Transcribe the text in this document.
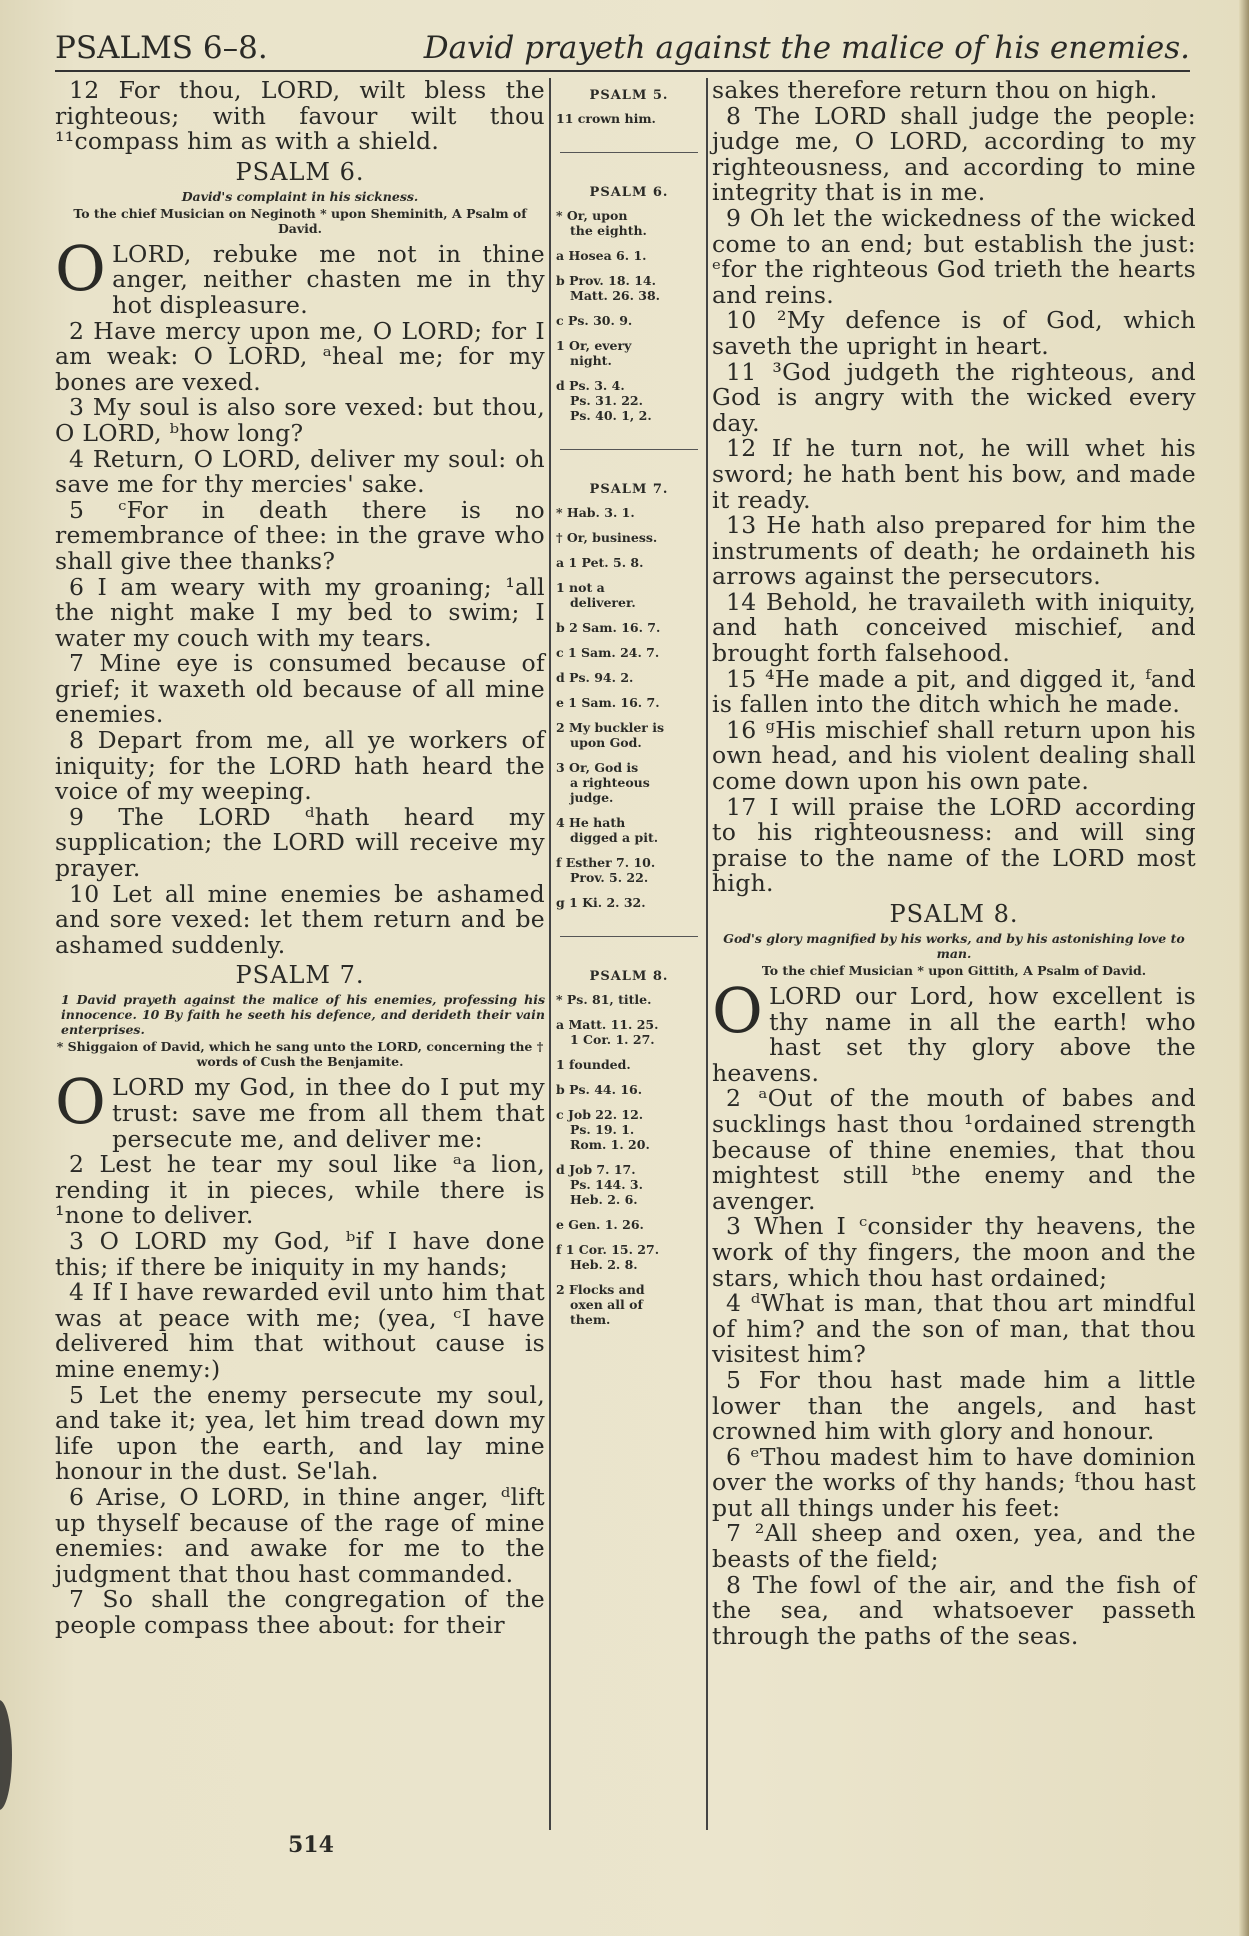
PSALMS 6–8.	David prayeth against the malice of his enemies.

12 For thou, LORD, wilt bless the righteous; with favour wilt thou ¹¹compass him as with a shield.

PSALM 6.
David's complaint in his sickness.
To the chief Musician on Neginoth * upon Sheminith, A Psalm of David.

O LORD, rebuke me not in thine anger, neither chasten me in thy hot displeasure.

2 Have mercy upon me, O LORD; for I am weak: O LORD, ᵃheal me; for my bones are vexed.

3 My soul is also sore vexed: but thou, O LORD, ᵇhow long?

4 Return, O LORD, deliver my soul: oh save me for thy mercies' sake.

5 ᶜFor in death there is no remembrance of thee: in the grave who shall give thee thanks?

6 I am weary with my groaning; ¹all the night make I my bed to swim; I water my couch with my tears.

7 Mine eye is consumed because of grief; it waxeth old because of all mine enemies.

8 Depart from me, all ye workers of iniquity; for the LORD hath heard the voice of my weeping.

9 The LORD ᵈhath heard my supplication; the LORD will receive my prayer.

10 Let all mine enemies be ashamed and sore vexed: let them return and be ashamed suddenly.

PSALM 7.
1 David prayeth against the malice of his enemies, professing his innocence. 10 By faith he seeth his defence, and derideth their vain enterprises.
* Shiggaion of David, which he sang unto the LORD, concerning the † words of Cush the Benjamite.

O LORD my God, in thee do I put my trust: save me from all them that persecute me, and deliver me:

2 Lest he tear my soul like ᵃa lion, rending it in pieces, while there is ¹none to deliver.

3 O LORD my God, ᵇif I have done this; if there be iniquity in my hands;

4 If I have rewarded evil unto him that was at peace with me; (yea, ᶜI have delivered him that without cause is mine enemy:)

5 Let the enemy persecute my soul, and take it; yea, let him tread down my life upon the earth, and lay mine honour in the dust. Se'lah.

6 Arise, O LORD, in thine anger, ᵈlift up thyself because of the rage of mine enemies: and awake for me to the judgment that thou hast commanded.

7 So shall the congregation of the people compass thee about: for their

PSALM 5.
11 crown him.
PSALM 6.
* Or, upon
the eighth.
a Hosea 6. 1.
b Prov. 18. 14.
Matt. 26. 38.
c Ps. 30. 9.
1 Or, every
night.
d Ps. 3. 4.
Ps. 31. 22.
Ps. 40. 1, 2.
PSALM 7.
* Hab. 3. 1.
† Or, business.
a 1 Pet. 5. 8.
1 not a
deliverer.
b 2 Sam. 16. 7.
c 1 Sam. 24. 7.
d Ps. 94. 2.
e 1 Sam. 16. 7.
2 My buckler is
upon God.
3 Or, God is
a righteous
judge.
4 He hath
digged a pit.
f Esther 7. 10.
Prov. 5. 22.
g 1 Ki. 2. 32.
PSALM 8.
* Ps. 81, title.
a Matt. 11. 25.
1 Cor. 1. 27.
1 founded.
b Ps. 44. 16.
c Job 22. 12.
Ps. 19. 1.
Rom. 1. 20.
d Job 7. 17.
Ps. 144. 3.
Heb. 2. 6.
e Gen. 1. 26.
f 1 Cor. 15. 27.
Heb. 2. 8.
2 Flocks and
oxen all of
them.

sakes therefore return thou on high.

8 The LORD shall judge the people: judge me, O LORD, according to my righteousness, and according to mine integrity that is in me.

9 Oh let the wickedness of the wicked come to an end; but establish the just: ᵉfor the righteous God trieth the hearts and reins.

10 ²My defence is of God, which saveth the upright in heart.

11 ³God judgeth the righteous, and God is angry with the wicked every day.

12 If he turn not, he will whet his sword; he hath bent his bow, and made it ready.

13 He hath also prepared for him the instruments of death; he ordaineth his arrows against the persecutors.

14 Behold, he travaileth with iniquity, and hath conceived mischief, and brought forth falsehood.

15 ⁴He made a pit, and digged it, ᶠand is fallen into the ditch which he made.

16 ᵍHis mischief shall return upon his own head, and his violent dealing shall come down upon his own pate.

17 I will praise the LORD according to his righteousness: and will sing praise to the name of the LORD most high.

PSALM 8.
God's glory magnified by his works, and by his astonishing love to man.
To the chief Musician * upon Gittith, A Psalm of David.

O LORD our Lord, how excellent is thy name in all the earth! who hast set thy glory above the heavens.

2 ᵃOut of the mouth of babes and sucklings hast thou ¹ordained strength because of thine enemies, that thou mightest still ᵇthe enemy and the avenger.

3 When I ᶜconsider thy heavens, the work of thy fingers, the moon and the stars, which thou hast ordained;

4 ᵈWhat is man, that thou art mindful of him? and the son of man, that thou visitest him?

5 For thou hast made him a little lower than the angels, and hast crowned him with glory and honour.

6 ᵉThou madest him to have dominion over the works of thy hands; ᶠthou hast put all things under his feet:

7 ²All sheep and oxen, yea, and the beasts of the field;

8 The fowl of the air, and the fish of the sea, and whatsoever passeth through the paths of the seas.

514
